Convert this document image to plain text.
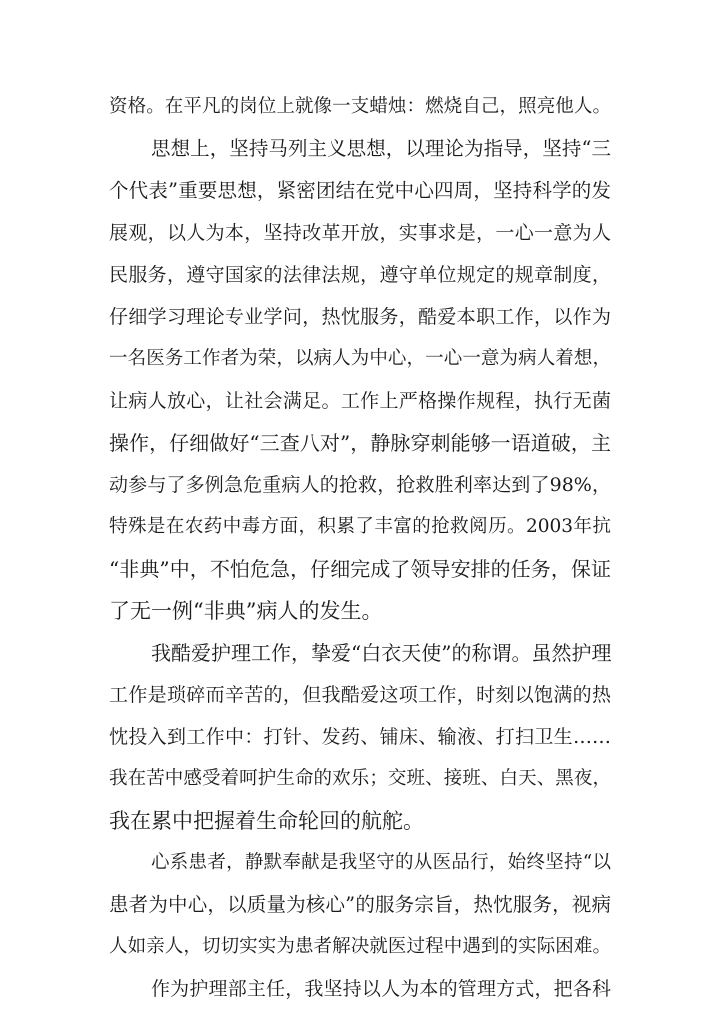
资格。在平凡的岗位上就像一支蜡烛：燃烧自己，照亮他人。
思想上，坚持马列主义思想，以理论为指导，坚持“三
个代表”重要思想，紧密团结在党中心四周，坚持科学的发
展观，以人为本，坚持改革开放，实事求是，一心一意为人
民服务，遵守国家的法律法规，遵守单位规定的规章制度，
仔细学习理论专业学问，热忱服务，酷爱本职工作，以作为
一名医务工作者为荣，以病人为中心，一心一意为病人着想，
让病人放心，让社会满足。工作上严格操作规程，执行无菌
操作，仔细做好“三查八对”，静脉穿刺能够一语道破，主
动参与了多例急危重病人的抢救，抢救胜利率达到了98%，
特殊是在农药中毒方面，积累了丰富的抢救阅历。2003年抗
“非典”中，不怕危急，仔细完成了领导安排的任务，保证
了无一例“非典”病人的发生。
我酷爱护理工作，挚爱“白衣天使”的称谓。虽然护理
工作是琐碎而辛苦的，但我酷爱这项工作，时刻以饱满的热
忱投入到工作中：打针、发药、铺床、输液、打扫卫生……
我在苦中感受着呵护生命的欢乐；交班、接班、白天、黑夜，
我在累中把握着生命轮回的航舵。
心系患者，静默奉献是我坚守的从医品行，始终坚持“以
患者为中心，以质量为核心”的服务宗旨，热忱服务，视病
人如亲人，切切实实为患者解决就医过程中遇到的实际困难。
作为护理部主任，我坚持以人为本的管理方式，把各科
